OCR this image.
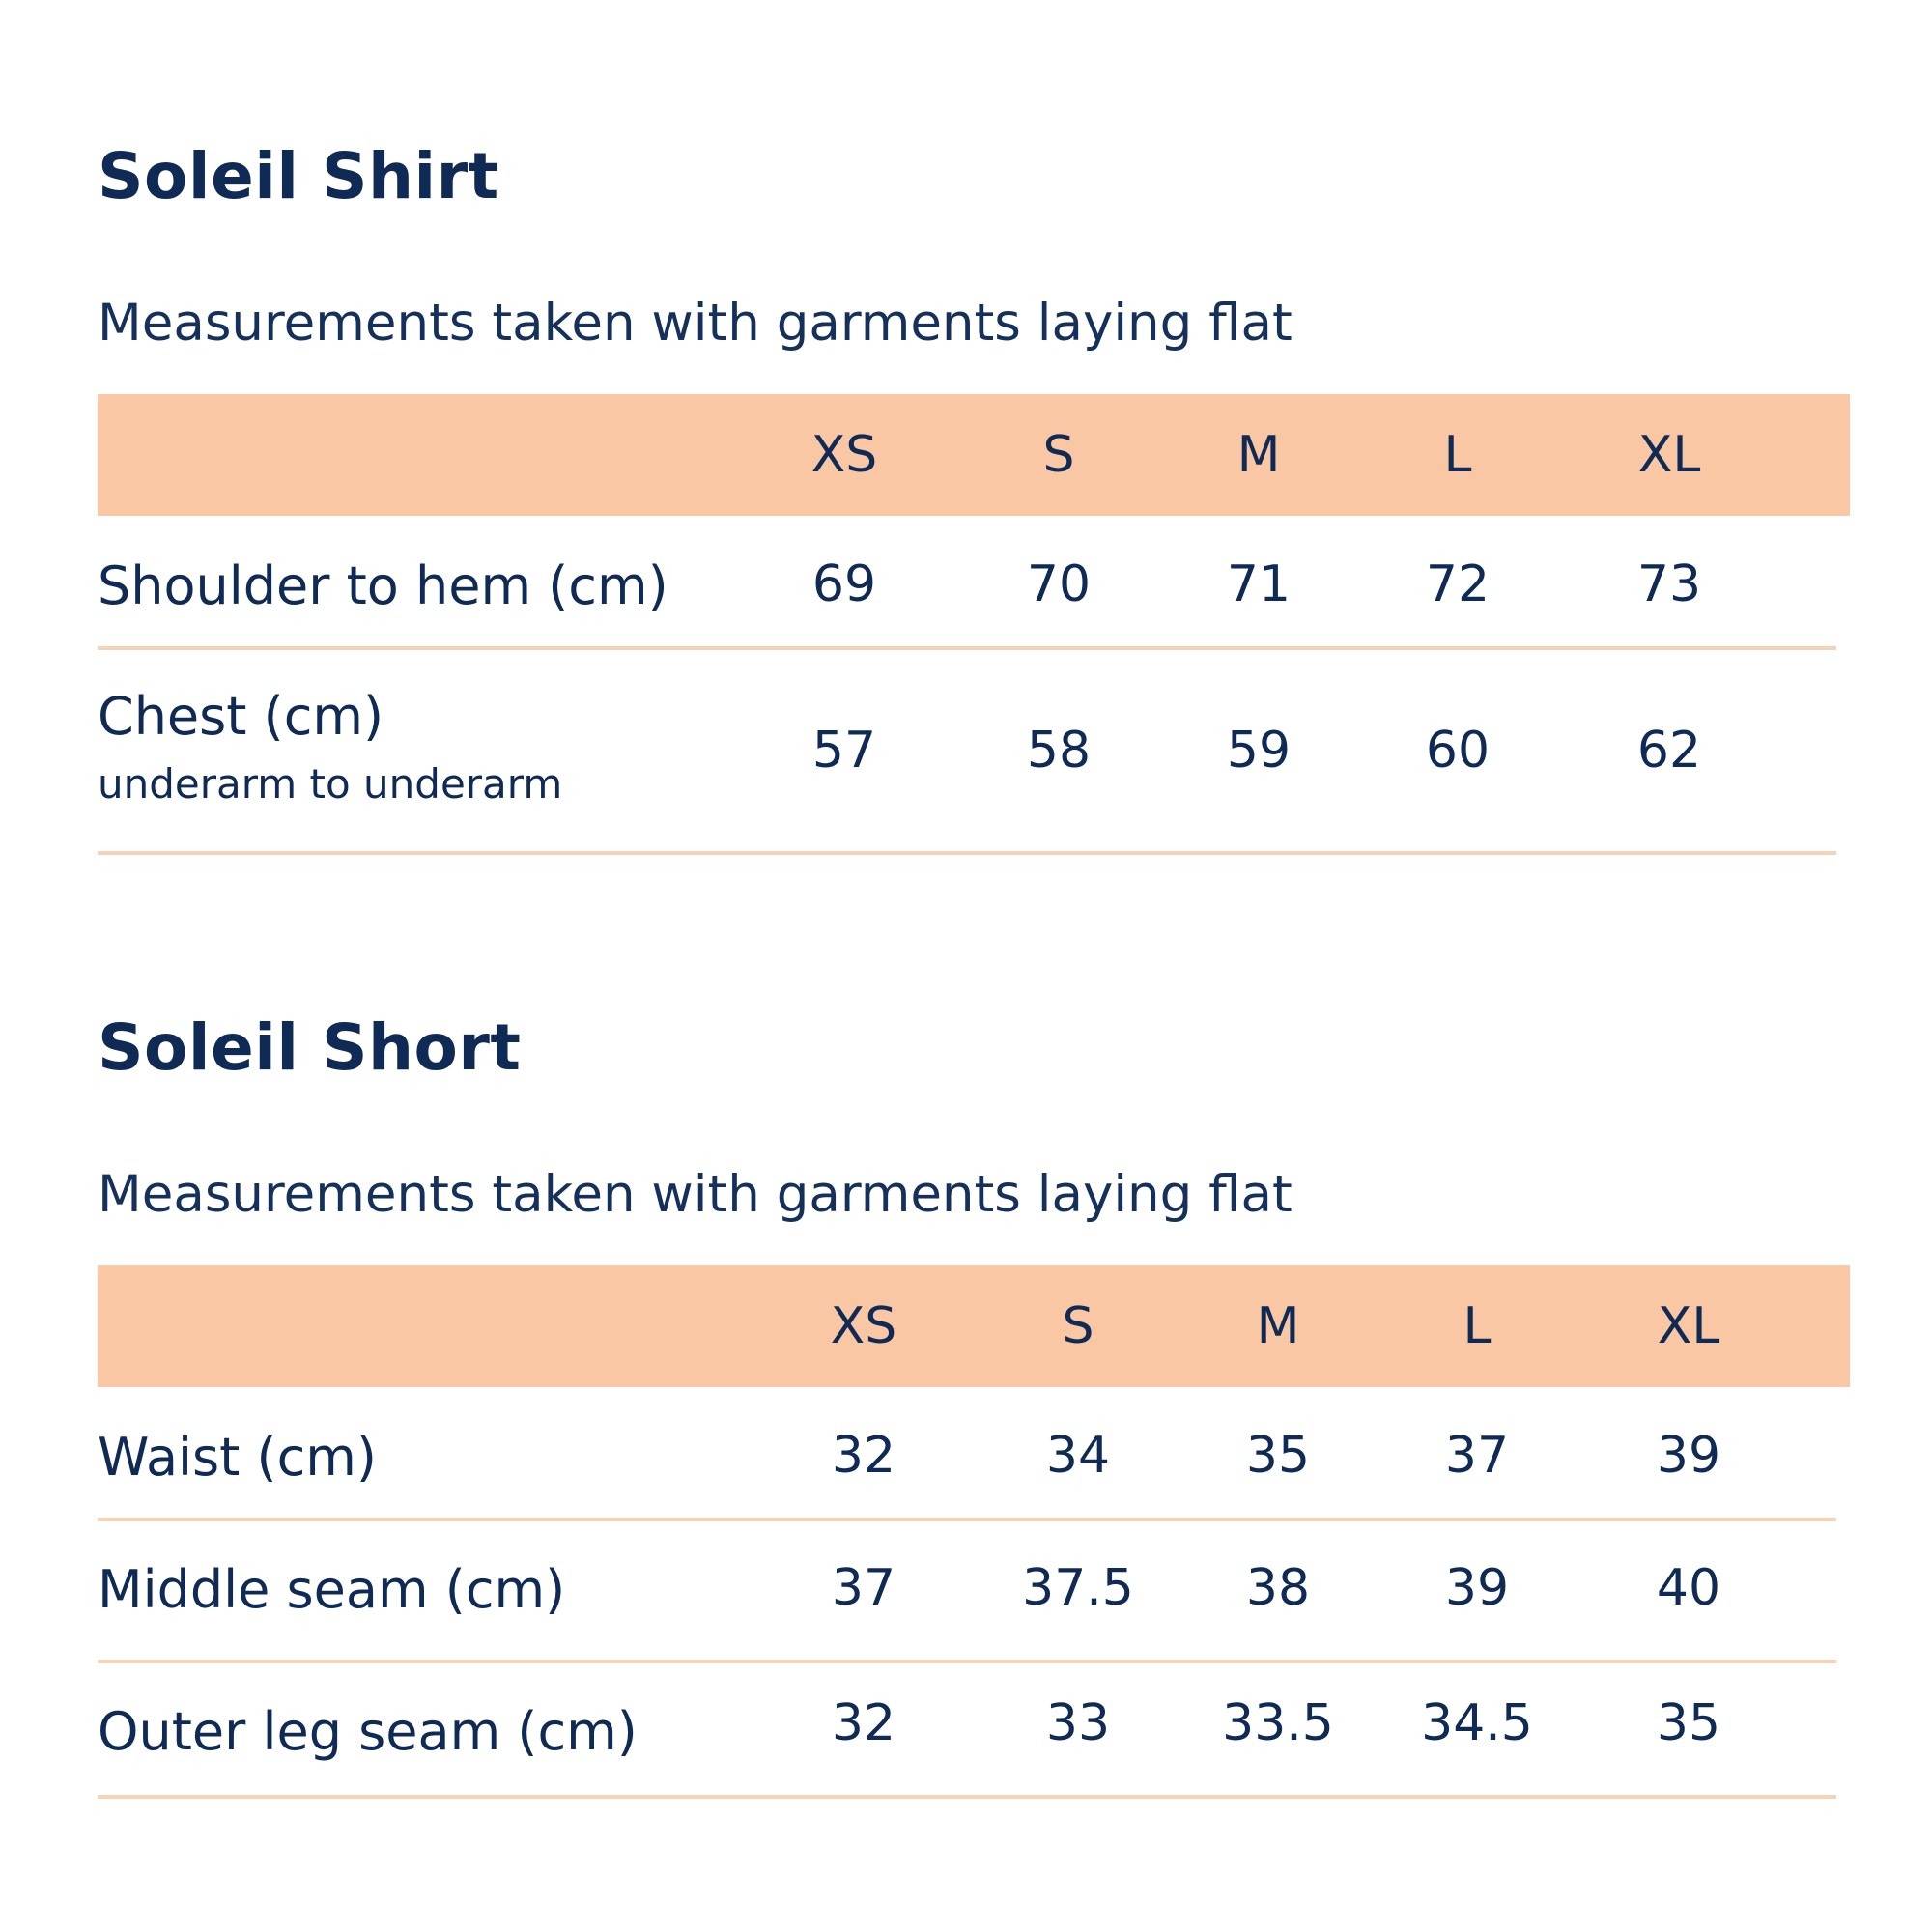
Soleil Shirt
Measurements taken with garments laying flat
XS	S	M	L	XL
Shoulder to hem (cm)	69	70	71	72	73
Chest (cm)
underarm to underarm
57	58	59	60	62
Soleil Short
Measurements taken with garments laying flat
XS	S	M	L	XL
Waist (cm)	32	34	35	37	39
Middle seam (cm)	37	37.5	38	39	40
Outer leg seam (cm)	32	33	33.5	34.5	35
